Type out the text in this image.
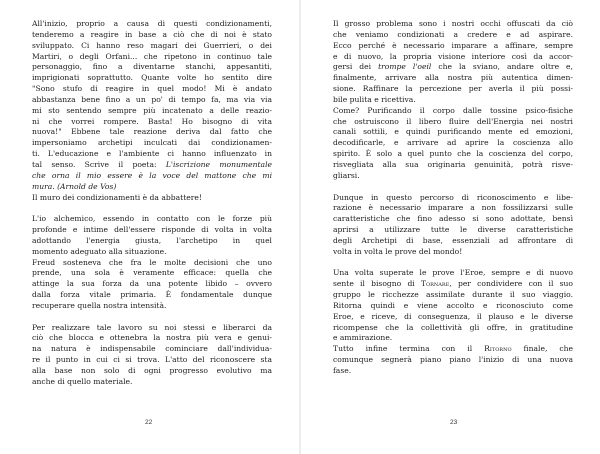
All'inizio, proprio a causa di questi condizionamenti,
tenderemo a reagire in base a ciò che di noi è stato
sviluppato. Ci hanno reso magari dei Guerrieri, o dei
Martiri, o degli Orfani... che ripetono in continuo tale
personaggio, fino a diventarne stanchi, appesantiti,
imprigionati soprattutto. Quante volte ho sentito dire
"Sono stufo di reagire in quel modo! Mi è andato
abbastanza bene fino a un po' di tempo fa, ma via via
mi sto sentendo sempre più incatenato a delle reazio-
ni che vorrei rompere. Basta! Ho bisogno di vita
nuova!" Ebbene tale reazione deriva dal fatto che
impersoniamo archetipi inculcati dai condizionamen-
ti. L'educazione e l'ambiente ci hanno influenzato in
tal senso. Scrive il poeta: L'iscrizione monumentale
che orna il mio essere è la voce del mattone che mi
mura. (Arnold de Vos)
Il muro dei condizionamenti è da abbattere!

L'io alchemico, essendo in contatto con le forze più
profonde e intime dell'essere risponde di volta in volta
adottando l'energia giusta, l'archetipo in quel
momento adeguato alla situazione.
Freud sosteneva che fra le molte decisioni che uno
prende, una sola è veramente efficace: quella che
attinge la sua forza da una potente libido – ovvero
dalla forza vitale primaria. È fondamentale dunque
recuperare quella nostra intensità.

Per realizzare tale lavoro su noi stessi e liberarci da
ciò che blocca e ottenebra la nostra più vera e genui-
na natura è indispensabile cominciare dall'individua-
re il punto in cui ci si trova. L'atto del riconoscere sta
alla base non solo di ogni progresso evolutivo ma
anche di quello materiale.

22

Il grosso problema sono i nostri occhi offuscati da ciò
che veniamo condizionati a credere e ad aspirare.
Ecco perché è necessario imparare a affinare, sempre
e di nuovo, la propria visione interiore così da accor-
gersi dei trompe l'oeil che la sviano, andare oltre e,
finalmente, arrivare alla nostra più autentica dimen-
sione. Raffinare la percezione per averla il più possi-
bile pulita e ricettiva.
Come? Purificando il corpo dalle tossine psico-fisiche
che ostruiscono il libero fluire dell'Energia nei nostri
canali sottili, e quindi purificando mente ed emozioni,
decodificarle, e arrivare ad aprire la coscienza allo
spirito. È solo a quel punto che la coscienza del corpo,
risvegliata alla sua originaria genuinità, potrà risve-
gliarsi.

Dunque in questo percorso di riconoscimento e libe-
razione è necessario imparare a non fossilizzarsi sulle
caratteristiche che fino adesso si sono adottate, bensì
aprirsi a utilizzare tutte le diverse caratteristiche
degli Archetipi di base, essenziali ad affrontare di
volta in volta le prove del mondo!

Una volta superate le prove l'Eroe, sempre e di nuovo
sente il bisogno di Tornare, per condividere con il suo
gruppo le ricchezze assimilate durante il suo viaggio.
Ritorna quindi e viene accolto e riconosciuto come
Eroe, e riceve, di conseguenza, il plauso e le diverse
ricompense che la collettività gli offre, in gratitudine
e ammirazione.
Tutto infine termina con il Ritorno finale, che
comunque segnerà piano piano l'inizio di una nuova
fase.

23
